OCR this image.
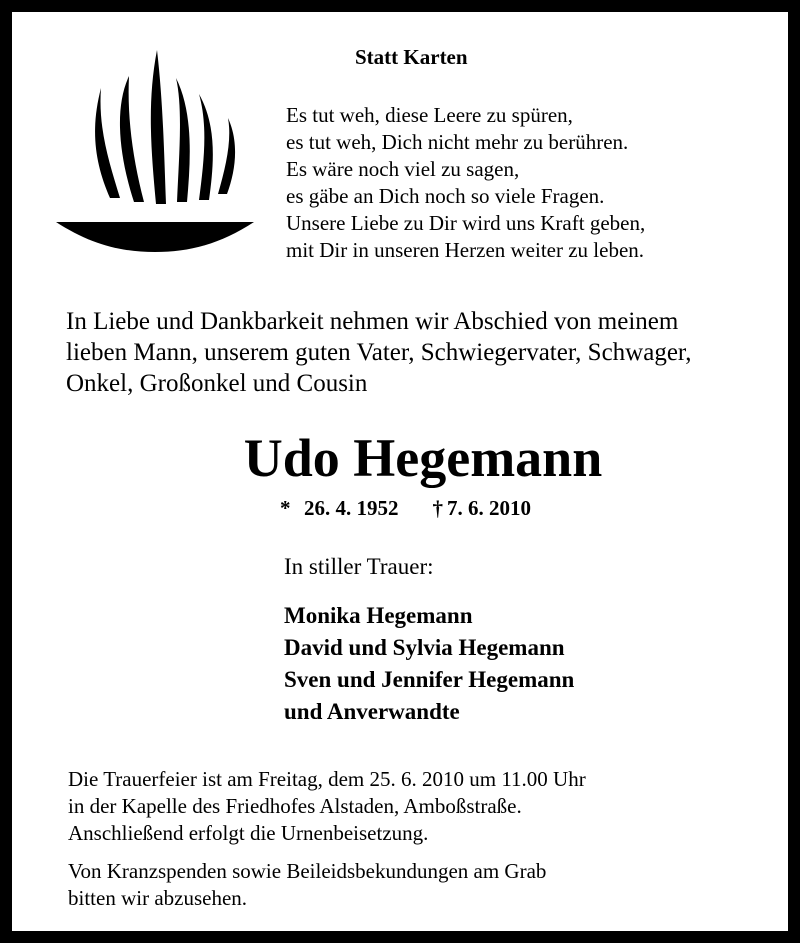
Statt Karten
Es tut weh, diese Leere zu spüren,
es tut weh, Dich nicht mehr zu berühren.
Es wäre noch viel zu sagen,
es gäbe an Dich noch so viele Fragen.
Unsere Liebe zu Dir wird uns Kraft geben,
mit Dir in unseren Herzen weiter zu leben.
In Liebe und Dankbarkeit nehmen wir Abschied von meinem
lieben Mann, unserem guten Vater, Schwiegervater, Schwager,
Onkel, Großonkel und Cousin
Udo Hegemann
* 26. 4. 1952 † 7. 6. 2010
In stiller Trauer:
Monika Hegemann
David und Sylvia Hegemann
Sven und Jennifer Hegemann
und Anverwandte
Die Trauerfeier ist am Freitag, dem 25. 6. 2010 um 11.00 Uhr
in der Kapelle des Friedhofes Alstaden, Amboßstraße.
Anschließend erfolgt die Urnenbeisetzung.
Von Kranzspenden sowie Beileidsbekundungen am Grab
bitten wir abzusehen.
